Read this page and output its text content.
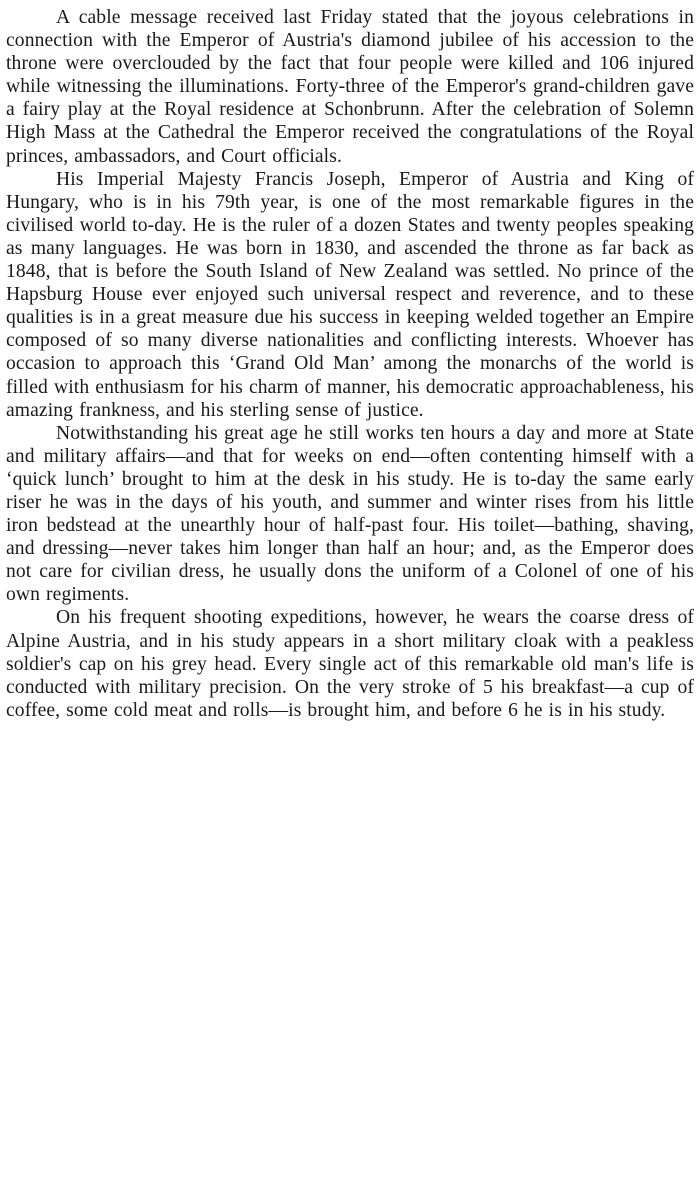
A cable message received last Friday stated that the joyous celebrations in connection with the Emperor of Austria's diamond jubilee of his accession to the throne were overclouded by the fact that four people were killed and 106 injured while witnessing the illuminations. Forty-three of the Emperor's grand-children gave a fairy play at the Royal residence at Schonbrunn. After the celebration of Solemn High Mass at the Cathedral the Emperor received the congratulations of the Royal princes, ambassadors, and Court officials.

His Imperial Majesty Francis Joseph, Emperor of Austria and King of Hungary, who is in his 79th year, is one of the most remarkable figures in the civilised world to-day. He is the ruler of a dozen States and twenty peoples speaking as many languages. He was born in 1830, and ascended the throne as far back as 1848, that is before the South Island of New Zealand was settled. No prince of the Hapsburg House ever enjoyed such universal respect and reverence, and to these qualities is in a great measure due his success in keeping welded together an Empire composed of so many diverse nationalities and conflicting interests. Whoever has occasion to approach this ‘Grand Old Man’ among the monarchs of the world is filled with enthusiasm for his charm of manner, his democratic approachableness, his amazing frankness, and his sterling sense of justice.

Notwithstanding his great age he still works ten hours a day and more at State and military affairs—and that for weeks on end—often contenting himself with a ‘quick lunch’ brought to him at the desk in his study. He is to-day the same early riser he was in the days of his youth, and summer and winter rises from his little iron bedstead at the unearthly hour of half-past four. His toilet—bathing, shaving, and dressing—never takes him longer than half an hour; and, as the Emperor does not care for civilian dress, he usually dons the uniform of a Colonel of one of his own regiments.

On his frequent shooting expeditions, however, he wears the coarse dress of Alpine Austria, and in his study appears in a short military cloak with a peakless soldier's cap on his grey head. Every single act of this remarkable old man's life is conducted with military precision. On the very stroke of 5 his breakfast—a cup of coffee, some cold meat and rolls—is brought him, and before 6 he is in his study.
